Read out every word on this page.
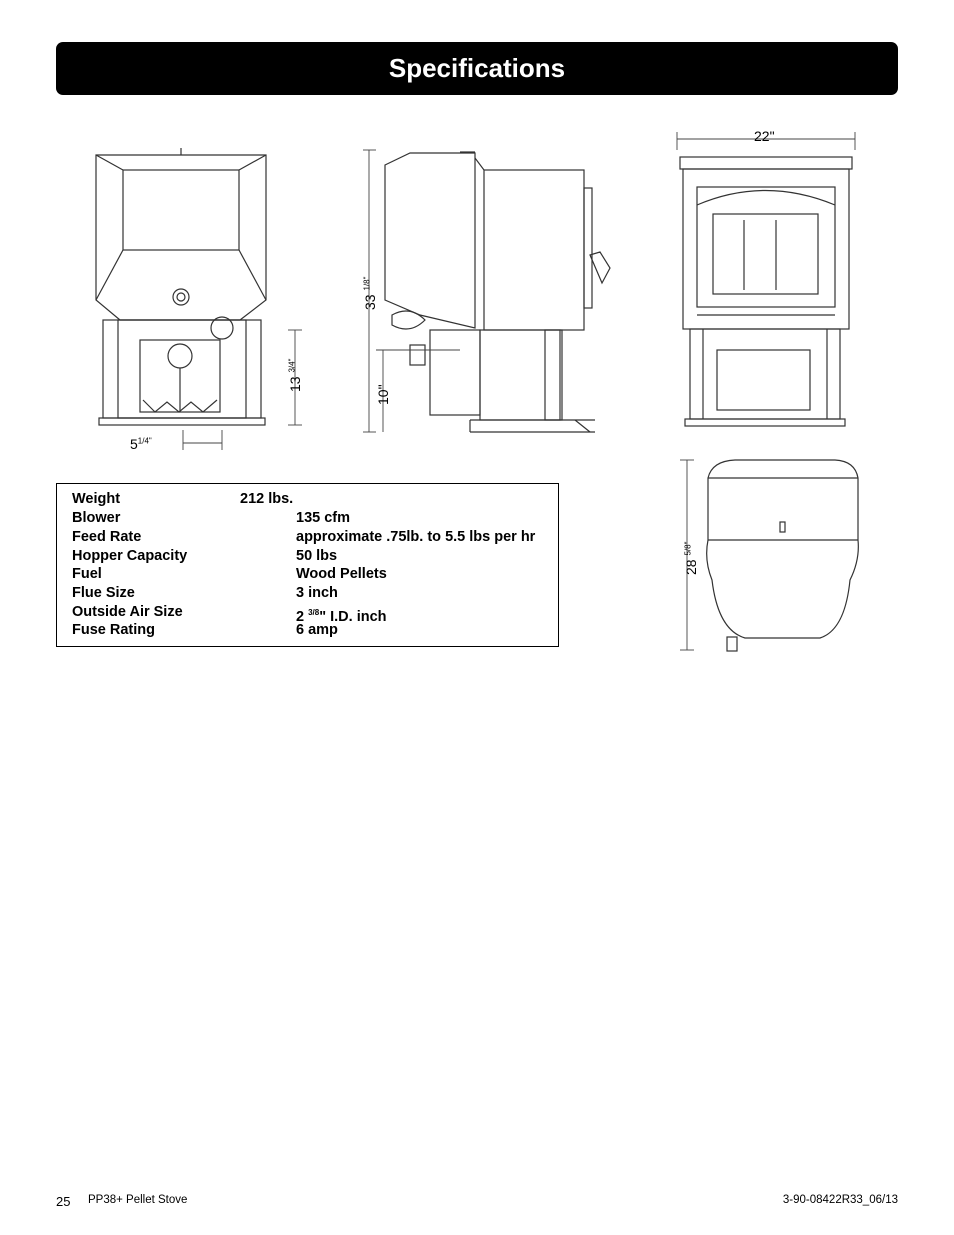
Specifications
13 $^{3/4"}$
$5^{1/4"}$
33 $^{1/8"}$
10"
22"
28 $^{5/8"}$
Weight	212 lbs.
Blower	135 cfm
Feed Rate	approximate .75lb. to 5.5 lbs per hr
Hopper Capacity	50 lbs
Fuel	Wood Pellets
Flue Size	3 inch
Outside Air Size	2 $^{3/8}$" I.D. inch
Fuse Rating	6 amp
25 PP38+ Pellet Stove	3-90-08422R33_06/13
